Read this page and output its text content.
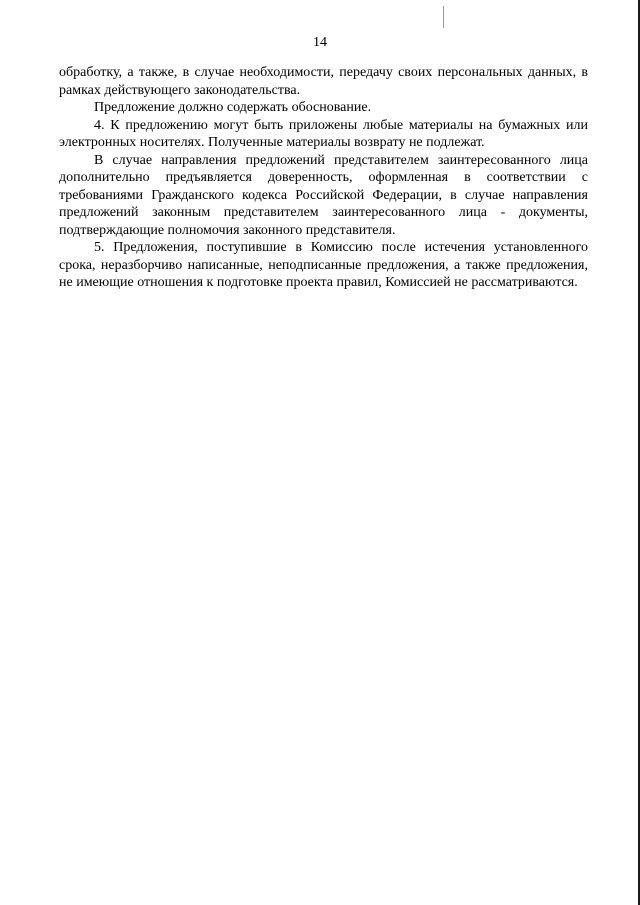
14

обработку, а также, в случае необходимости, передачу своих персональных данных, в рамках действующего законодательства.

Предложение должно содержать обоснование.

4. К предложению могут быть приложены любые материалы на бумажных или электронных носителях. Полученные материалы возврату не подлежат.

В случае направления предложений представителем заинтересованного лица дополнительно предъявляется доверенность, оформленная в соответствии с требованиями Гражданского кодекса Российской Федерации, в случае направления предложений законным представителем заинтересованного лица - документы, подтверждающие полномочия законного представителя.

5. Предложения, поступившие в Комиссию после истечения установленного срока, неразборчиво написанные, неподписанные предложения, а также предложения, не имеющие отношения к подготовке проекта правил, Комиссией не рассматриваются.
